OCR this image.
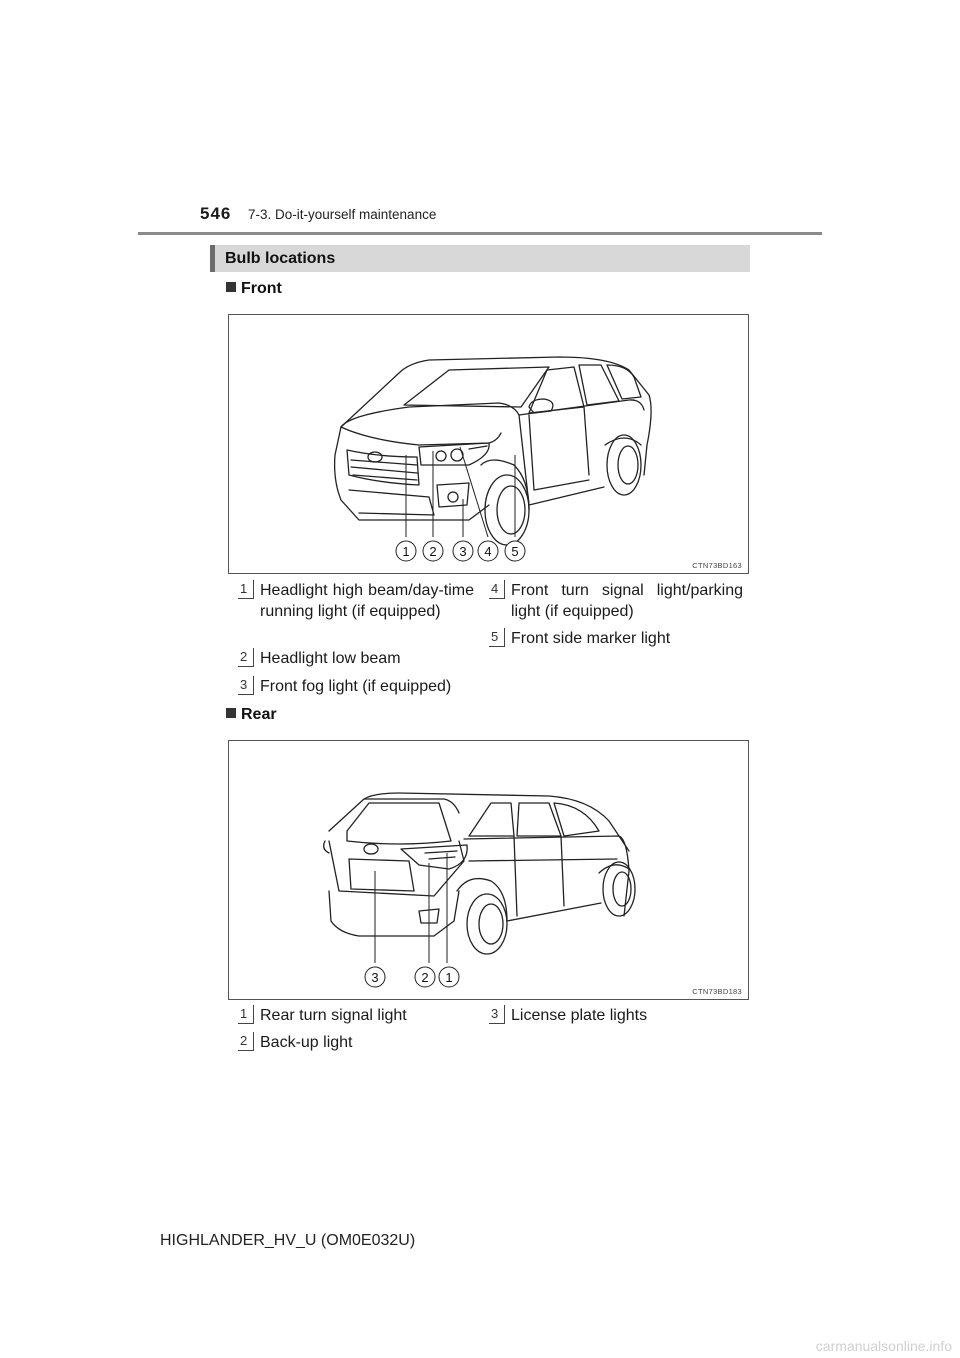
546 7-3. Do-it-yourself maintenance
Bulb locations
Front
1 2 3 4 5
CTN73BD163
1 Headlight high beam/day-time running light (if equipped)
2 Headlight low beam
3 Front fog light (if equipped)
4 Front turn signal light/parking light (if equipped)
5 Front side marker light
Rear
3	2 1
CTN73BD183
1 Rear turn signal light
2 Back-up light
3 License plate lights
HIGHLANDER_HV_U (OM0E032U)
carmanualsonline.info
